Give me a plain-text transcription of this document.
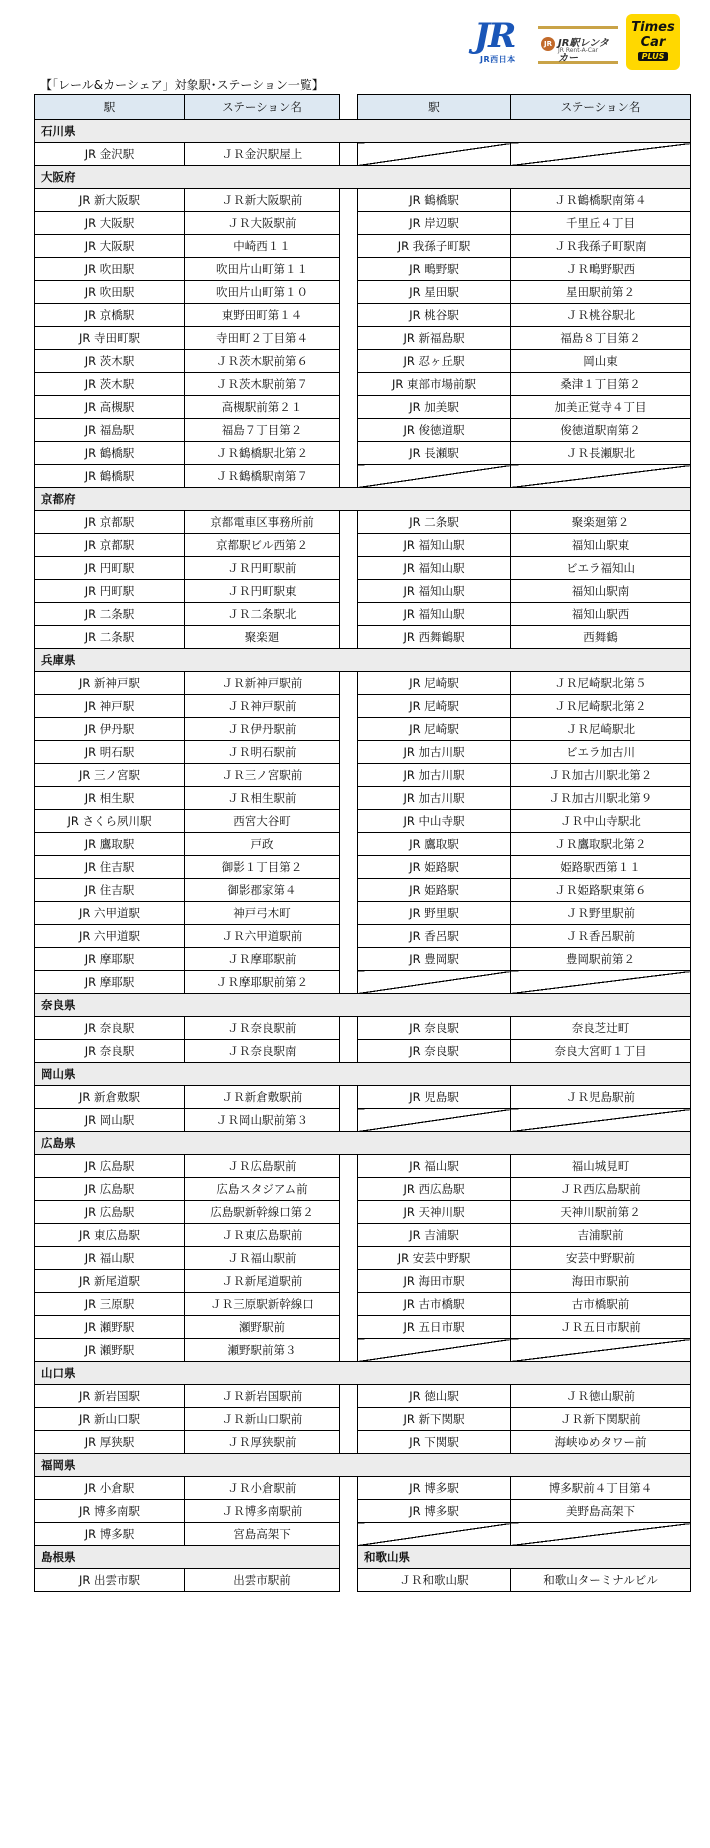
JR
JR西日本
JR JR駅レンタカー
JR Rent-A-Car
Times
Car
PLUS
【「レール&カーシェア」対象駅･ステーション一覧】
駅	ステーション名		駅	ステーション名
石川県				
JR 金沢駅	ＪＲ金沢駅屋上			
大阪府				
JR 新大阪駅	ＪＲ新大阪駅前		JR 鶴橋駅	ＪＲ鶴橋駅南第４
JR 大阪駅	ＪＲ大阪駅前		JR 岸辺駅	千里丘４丁目
JR 大阪駅	中崎西１１		JR 我孫子町駅	ＪＲ我孫子町駅南
JR 吹田駅	吹田片山町第１１		JR 鴫野駅	ＪＲ鴫野駅西
JR 吹田駅	吹田片山町第１０		JR 星田駅	星田駅前第２
JR 京橋駅	東野田町第１４		JR 桃谷駅	ＪＲ桃谷駅北
JR 寺田町駅	寺田町２丁目第４		JR 新福島駅	福島８丁目第２
JR 茨木駅	ＪＲ茨木駅前第６		JR 忍ヶ丘駅	岡山東
JR 茨木駅	ＪＲ茨木駅前第７		JR 東部市場前駅	桑津１丁目第２
JR 高槻駅	高槻駅前第２１		JR 加美駅	加美正覚寺４丁目
JR 福島駅	福島７丁目第２		JR 俊徳道駅	俊徳道駅南第２
JR 鶴橋駅	ＪＲ鶴橋駅北第２		JR 長瀬駅	ＪＲ長瀬駅北
JR 鶴橋駅	ＪＲ鶴橋駅南第７			
京都府				
JR 京都駅	京都電車区事務所前		JR 二条駅	聚楽廻第２
JR 京都駅	京都駅ビル西第２		JR 福知山駅	福知山駅東
JR 円町駅	ＪＲ円町駅前		JR 福知山駅	ビエラ福知山
JR 円町駅	ＪＲ円町駅東		JR 福知山駅	福知山駅南
JR 二条駅	ＪＲ二条駅北		JR 福知山駅	福知山駅西
JR 二条駅	聚楽廻		JR 西舞鶴駅	西舞鶴
兵庫県				
JR 新神戸駅	ＪＲ新神戸駅前		JR 尼崎駅	ＪＲ尼崎駅北第５
JR 神戸駅	ＪＲ神戸駅前		JR 尼崎駅	ＪＲ尼崎駅北第２
JR 伊丹駅	ＪＲ伊丹駅前		JR 尼崎駅	ＪＲ尼崎駅北
JR 明石駅	ＪＲ明石駅前		JR 加古川駅	ビエラ加古川
JR 三ノ宮駅	ＪＲ三ノ宮駅前		JR 加古川駅	ＪＲ加古川駅北第２
JR 相生駅	ＪＲ相生駅前		JR 加古川駅	ＪＲ加古川駅北第９
JR さくら夙川駅	西宮大谷町		JR 中山寺駅	ＪＲ中山寺駅北
JR 鷹取駅	戸政		JR 鷹取駅	ＪＲ鷹取駅北第２
JR 住吉駅	御影１丁目第２		JR 姫路駅	姫路駅西第１１
JR 住吉駅	御影郡家第４		JR 姫路駅	ＪＲ姫路駅東第６
JR 六甲道駅	神戸弓木町		JR 野里駅	ＪＲ野里駅前
JR 六甲道駅	ＪＲ六甲道駅前		JR 香呂駅	ＪＲ香呂駅前
JR 摩耶駅	ＪＲ摩耶駅前		JR 豊岡駅	豊岡駅前第２
JR 摩耶駅	ＪＲ摩耶駅前第２			
奈良県				
JR 奈良駅	ＪＲ奈良駅前		JR 奈良駅	奈良芝辻町
JR 奈良駅	ＪＲ奈良駅南		JR 奈良駅	奈良大宮町１丁目
岡山県				
JR 新倉敷駅	ＪＲ新倉敷駅前		JR 児島駅	ＪＲ児島駅前
JR 岡山駅	ＪＲ岡山駅前第３			
広島県				
JR 広島駅	ＪＲ広島駅前		JR 福山駅	福山城見町
JR 広島駅	広島スタジアム前		JR 西広島駅	ＪＲ西広島駅前
JR 広島駅	広島駅新幹線口第２		JR 天神川駅	天神川駅前第２
JR 東広島駅	ＪＲ東広島駅前		JR 吉浦駅	吉浦駅前
JR 福山駅	ＪＲ福山駅前		JR 安芸中野駅	安芸中野駅前
JR 新尾道駅	ＪＲ新尾道駅前		JR 海田市駅	海田市駅前
JR 三原駅	ＪＲ三原駅新幹線口		JR 古市橋駅	古市橋駅前
JR 瀬野駅	瀬野駅前		JR 五日市駅	ＪＲ五日市駅前
JR 瀬野駅	瀬野駅前第３			
山口県				
JR 新岩国駅	ＪＲ新岩国駅前		JR 徳山駅	ＪＲ徳山駅前
JR 新山口駅	ＪＲ新山口駅前		JR 新下関駅	ＪＲ新下関駅前
JR 厚狭駅	ＪＲ厚狭駅前		JR 下関駅	海峡ゆめタワー前
福岡県				
JR 小倉駅	ＪＲ小倉駅前		JR 博多駅	博多駅前４丁目第４
JR 博多南駅	ＪＲ博多南駅前		JR 博多駅	美野島高架下
JR 博多駅	宮島高架下			
島根県			和歌山県	
JR 出雲市駅	出雲市駅前		ＪＲ和歌山駅	和歌山ターミナルビル
